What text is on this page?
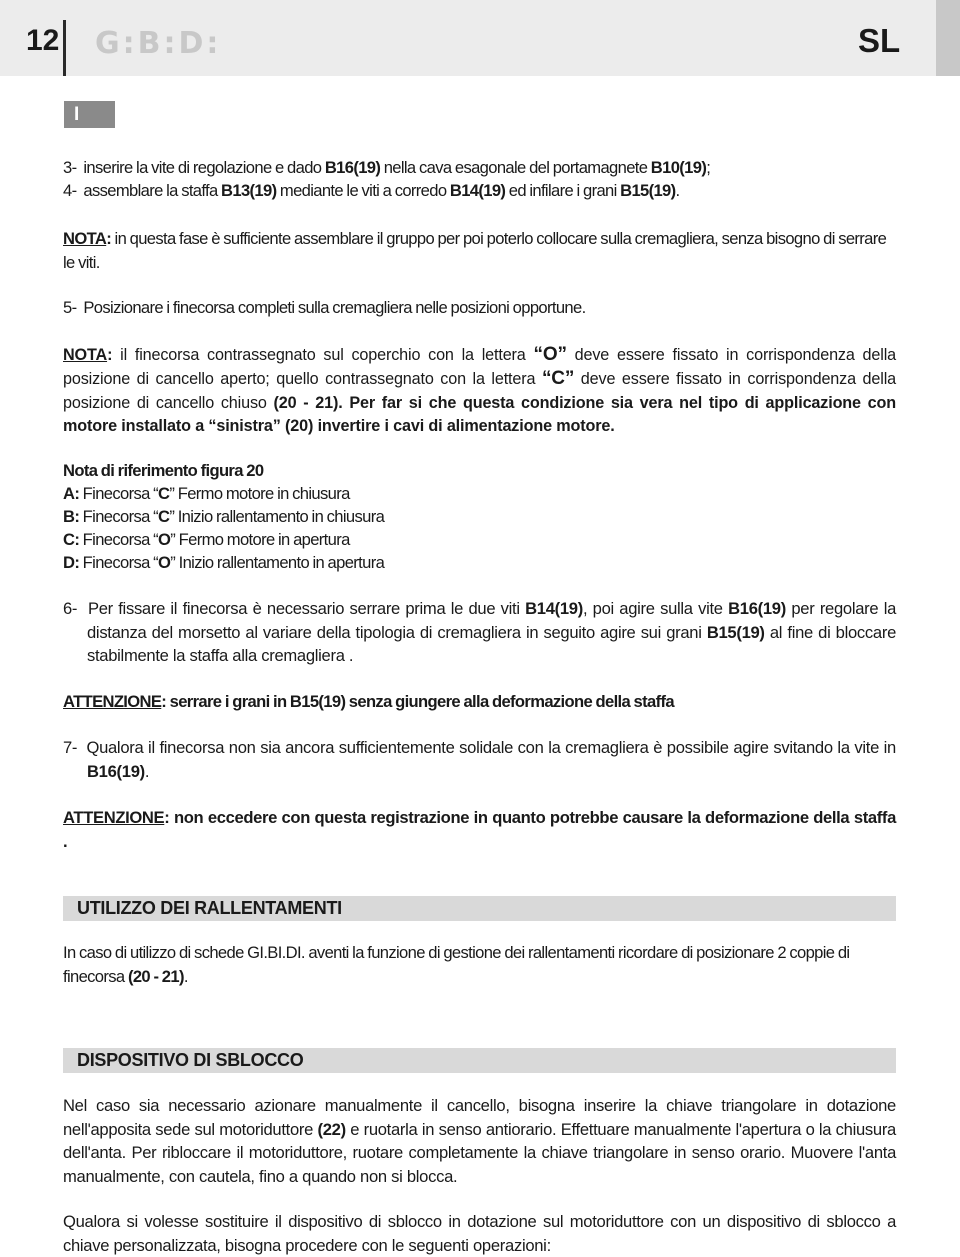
12 G:B:D:	SL
I

3- inserire la vite di regolazione e dado B16(19) nella cava esagonale del portamagnete B10(19);

4- assemblare la staffa B13(19) mediante le viti a corredo B14(19) ed infilare i grani B15(19).

NOTA: in questa fase è sufficiente assemblare il gruppo per poi poterlo collocare sulla cremagliera, senza bisogno di serrare le viti.

5- Posizionare i finecorsa completi sulla cremagliera nelle posizioni opportune.

NOTA: il finecorsa contrassegnato sul coperchio con la lettera “O” deve essere fissato in corrispondenza della posizione di cancello aperto; quello contrassegnato con la lettera “C” deve essere fissato in corrispondenza della posizione di cancello chiuso (20 - 21). Per far si che questa condizione sia vera nel tipo di applicazione con motore installato a “sinistra” (20) invertire i cavi di alimentazione motore.

Nota di riferimento figura 20

A: Finecorsa “C” Fermo motore in chiusura

B: Finecorsa “C” Inizio rallentamento in chiusura

C: Finecorsa “O” Fermo motore in apertura

D: Finecorsa “O” Inizio rallentamento in apertura

6- Per fissare il finecorsa è necessario serrare prima le due viti B14(19), poi agire sulla vite B16(19) per regolare la distanza del morsetto al variare della tipologia di cremagliera in seguito agire sui grani B15(19) al fine di bloccare stabilmente la staffa alla cremagliera .

ATTENZIONE: serrare i grani in B15(19) senza giungere alla deformazione della staffa

7- Qualora il finecorsa non sia ancora sufficientemente solidale con la cremagliera è possibile agire svitando la vite in B16(19).

ATTENZIONE: non eccedere con questa registrazione in quanto potrebbe causare la deformazione della staffa .

UTILIZZO DEI RALLENTAMENTI

In caso di utilizzo di schede GI.BI.DI. aventi la funzione di gestione dei rallentamenti ricordare di posizionare 2 coppie di finecorsa (20 - 21).

DISPOSITIVO DI SBLOCCO

Nel caso sia necessario azionare manualmente il cancello, bisogna inserire la chiave triangolare in dotazione nell'apposita sede sul motoriduttore (22) e ruotarla in senso antiorario. Effettuare manualmente l'apertura o la chiusura dell'anta. Per ribloccare il motoriduttore, ruotare completamente la chiave triangolare in senso orario. Muovere l'anta manualmente, con cautela, fino a quando non si blocca.

Qualora si volesse sostituire il dispositivo di sblocco in dotazione sul motoriduttore con un dispositivo di sblocco a chiave personalizzata, bisogna procedere con le seguenti operazioni:
